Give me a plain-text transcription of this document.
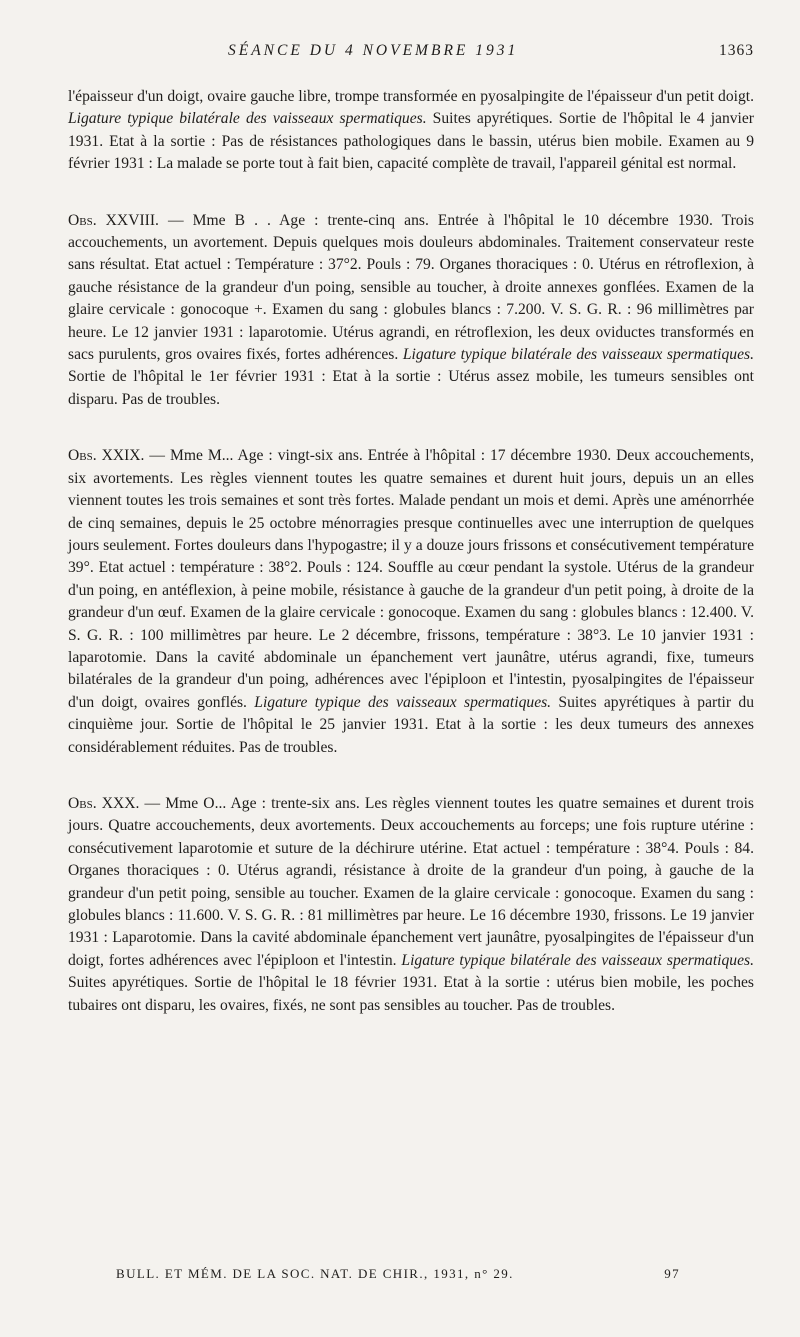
SÉANCE DU 4 NOVEMBRE 1931	1363

l'épaisseur d'un doigt, ovaire gauche libre, trompe transformée en pyosalpingite de l'épaisseur d'un petit doigt. Ligature typique bilatérale des vaisseaux spermatiques. Suites apyrétiques. Sortie de l'hôpital le 4 janvier 1931. Etat à la sortie : Pas de résistances pathologiques dans le bassin, utérus bien mobile. Examen au 9 février 1931 : La malade se porte tout à fait bien, capacité complète de travail, l'appareil génital est normal.

Obs. XXVIII. — Mme B . . Age : trente-cinq ans. Entrée à l'hôpital le 10 décembre 1930. Trois accouchements, un avortement. Depuis quelques mois douleurs abdominales. Traitement conservateur reste sans résultat. Etat actuel : Température : 37°2. Pouls : 79. Organes thoraciques : 0. Utérus en rétroflexion, à gauche résistance de la grandeur d'un poing, sensible au toucher, à droite annexes gonflées. Examen de la glaire cervicale : gonocoque +. Examen du sang : globules blancs : 7.200. V. S. G. R. : 96 millimètres par heure. Le 12 janvier 1931 : laparotomie. Utérus agrandi, en rétroflexion, les deux oviductes transformés en sacs purulents, gros ovaires fixés, fortes adhérences. Ligature typique bilatérale des vaisseaux spermatiques. Sortie de l'hôpital le 1er février 1931 : Etat à la sortie : Utérus assez mobile, les tumeurs sensibles ont disparu. Pas de troubles.

Obs. XXIX. — Mme M... Age : vingt-six ans. Entrée à l'hôpital : 17 décembre 1930. Deux accouchements, six avortements. Les règles viennent toutes les quatre semaines et durent huit jours, depuis un an elles viennent toutes les trois semaines et sont très fortes. Malade pendant un mois et demi. Après une aménorrhée de cinq semaines, depuis le 25 octobre ménorragies presque continuelles avec une interruption de quelques jours seulement. Fortes douleurs dans l'hypogastre; il y a douze jours frissons et consécutivement température 39°. Etat actuel : température : 38°2. Pouls : 124. Souffle au cœur pendant la systole. Utérus de la grandeur d'un poing, en antéflexion, à peine mobile, résistance à gauche de la grandeur d'un petit poing, à droite de la grandeur d'un œuf. Examen de la glaire cervicale : gonocoque. Examen du sang : globules blancs : 12.400. V. S. G. R. : 100 millimètres par heure. Le 2 décembre, frissons, température : 38°3. Le 10 janvier 1931 : laparotomie. Dans la cavité abdominale un épanchement vert jaunâtre, utérus agrandi, fixe, tumeurs bilatérales de la grandeur d'un poing, adhérences avec l'épiploon et l'intestin, pyosalpingites de l'épaisseur d'un doigt, ovaires gonflés. Ligature typique des vaisseaux spermatiques. Suites apyrétiques à partir du cinquième jour. Sortie de l'hôpital le 25 janvier 1931. Etat à la sortie : les deux tumeurs des annexes considérablement réduites. Pas de troubles.

Obs. XXX. — Mme O... Age : trente-six ans. Les règles viennent toutes les quatre semaines et durent trois jours. Quatre accouchements, deux avortements. Deux accouchements au forceps; une fois rupture utérine : consécutivement laparotomie et suture de la déchirure utérine. Etat actuel : température : 38°4. Pouls : 84. Organes thoraciques : 0. Utérus agrandi, résistance à droite de la grandeur d'un poing, à gauche de la grandeur d'un petit poing, sensible au toucher. Examen de la glaire cervicale : gonocoque. Examen du sang : globules blancs : 11.600. V. S. G. R. : 81 millimètres par heure. Le 16 décembre 1930, frissons. Le 19 janvier 1931 : Laparotomie. Dans la cavité abdominale épanchement vert jaunâtre, pyosalpingites de l'épaisseur d'un doigt, fortes adhérences avec l'épiploon et l'intestin. Ligature typique bilatérale des vaisseaux spermatiques. Suites apyrétiques. Sortie de l'hôpital le 18 février 1931. Etat à la sortie : utérus bien mobile, les poches tubaires ont disparu, les ovaires, fixés, ne sont pas sensibles au toucher. Pas de troubles.

BULL. ET MÉM. DE LA SOC. NAT. DE CHIR., 1931, n° 29.	97
